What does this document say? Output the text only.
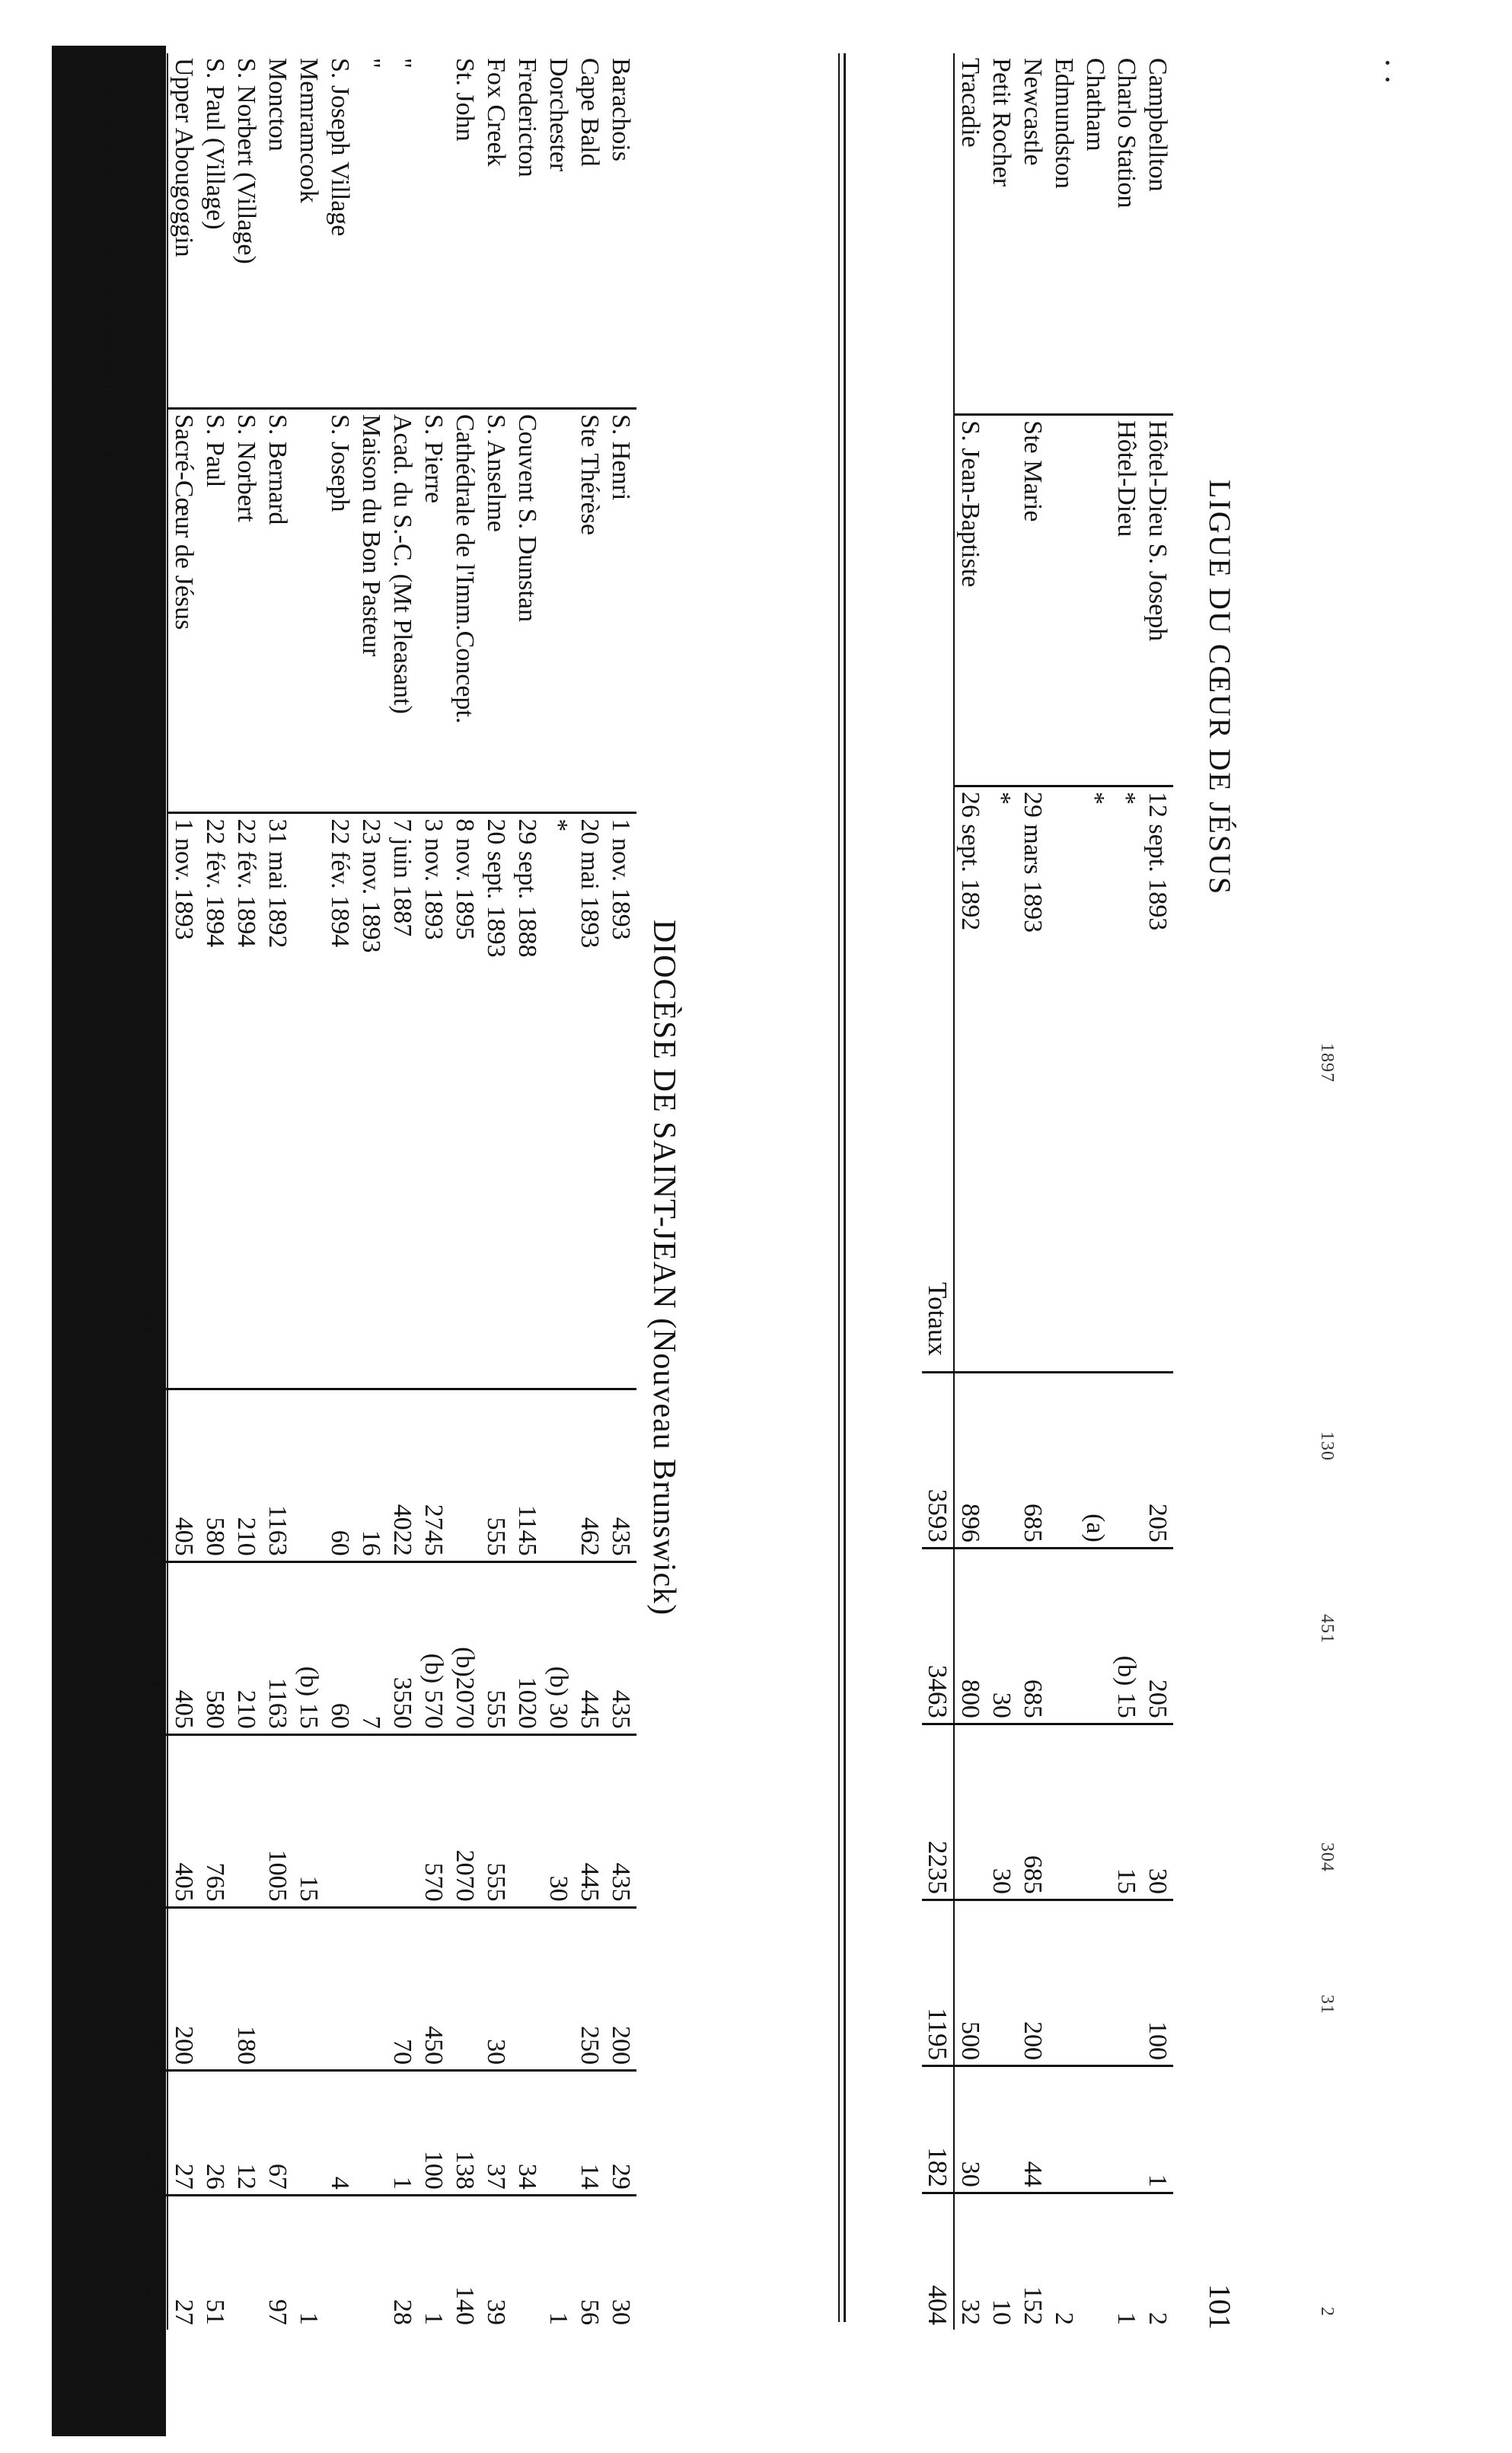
1897
130
451
304
31
2
LIGUE DU CŒUR DE JÉSUS
101
Campbellton	Hôtel-Dieu S. Joseph	12 sept. 1893		205	205	30	100	1	2
Charlo Station	Hôtel-Dieu	*			(b) 15	15			1
Chatham		*		(a)					
Edmundston									2
Newcastle	Ste Marie	29 mars 1893		685	685	685	200	44	152
Petit Rocher		*			30	30			10
Tracadie	S. Jean-Baptiste	26 sept. 1892		896	800		500	30	32
Totaux				3593	3463	2235	1195	182	404
DIOCÈSE DE SAINT-JEAN (Nouveau Brunswick)
Barachois	S. Henri	1 nov. 1893		435	435	435	200	29	30
Cape Bald	Ste Thérèse	20 mai 1893		462	445	445	250	14	56
Dorchester		*			(b) 30	30			1
Fredericton	Couvent S. Dunstan	29 sept. 1888		1145	1020			34	
Fox Creek	S. Anselme	20 sept. 1893		555	555	555	30	37	39
St. John	Cathédrale de l'Imm.Concept.	8 nov. 1895			(b)2070	2070		138	140
	S. Pierre	3 nov. 1893		2745	(b) 570	570	450	100	1
"	Acad. du S.-C. (Mt Pleasant)	7 juin 1887		4022	3550		70	1	28
"	Maison du Bon Pasteur	23 nov. 1893		16	7				
S. Joseph Village	S. Joseph	22 fév. 1894		60	60			4	
Memramcook					(b) 15	15			1
Moncton	S. Bernard	31 mai 1892		1163	1163	1005		67	97
S. Norbert (Village)	S. Norbert	22 fév. 1894		210	210		180	12	
S. Paul (Village)	S. Paul	22 fév. 1894		580	580	765		26	51
Upper Abougoggin	Sacré-Cœur de Jésus	1 nov. 1893		405	405	405	200	27	27
Totaux				11798	11115	6295	1380	489	471
* L'agrégation de ce Centre ne figure pas sur nos Registres.
(a) Le rapport de ce Centre ne nous est pas parvenu.
(b) Le nombre des membres actuels du 1er degré ne nous ayant pas été fourni, nous l'avons évalué d'après celui du 2ème degré.
